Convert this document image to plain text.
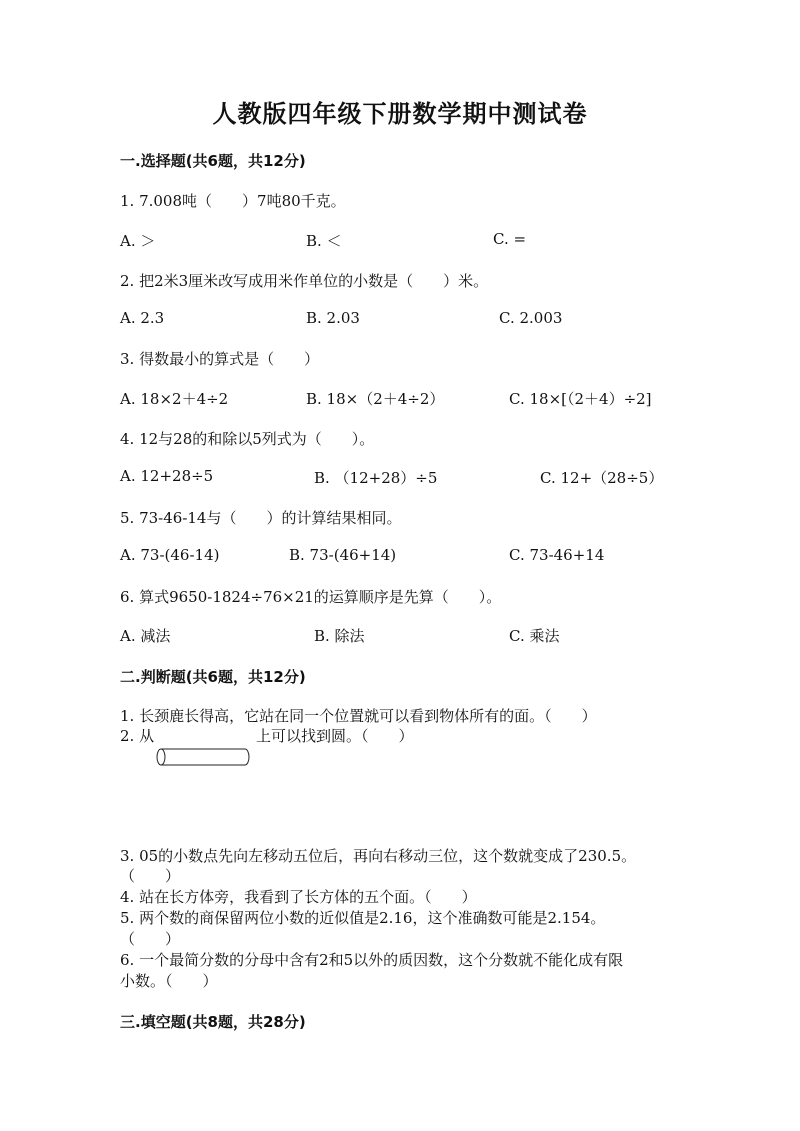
人教版四年级下册数学期中测试卷
一.选择题(共6题，共12分)
1. 7.008吨（　　）7吨80千克。
A. ＞	B. ＜	C. =
2. 把2米3厘米改写成用米作单位的小数是（　　）米。
A. 2.3	B. 2.03	C. 2.003
3. 得数最小的算式是（　　）
A. 18×2＋4÷2	B. 18×（2＋4÷2）	C. 18×[（2＋4）÷2]
4. 12与28的和除以5列式为（　　）。
A. 12+28÷5	B. （12+28）÷5	C. 12+（28÷5）
5. 73-46-14与（　　）的计算结果相同。
A. 73-(46-14)	B. 73-(46+14)	C. 73-46+14
6. 算式9650-1824÷76×21的运算顺序是先算（　　）。
A. 减法	B. 除法	C. 乘法
二.判断题(共6题，共12分)
1. 长颈鹿长得高，它站在同一个位置就可以看到物体所有的面。（　　）
2. 从	上可以找到圆。（　　）
3. 05的小数点先向左移动五位后，再向右移动三位，这个数就变成了230.5。
（　　）
4. 站在长方体旁，我看到了长方体的五个面。（　　）
5. 两个数的商保留两位小数的近似值是2.16，这个准确数可能是2.154。
（　　）
6. 一个最简分数的分母中含有2和5以外的质因数，这个分数就不能化成有限
小数。（　　）
三.填空题(共8题，共28分)
